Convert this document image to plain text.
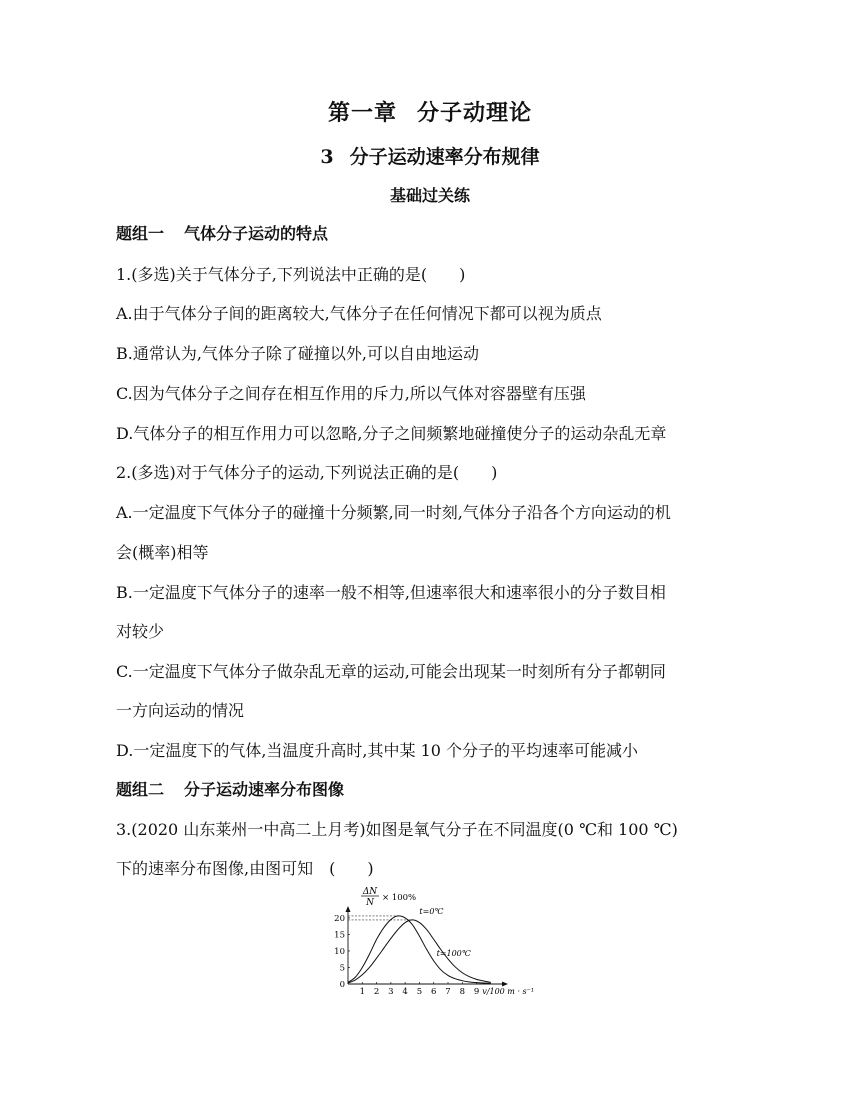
第一章 分子动理论
3 分子运动速率分布规律
基础过关练
题组一 气体分子运动的特点
1.(多选)关于气体分子,下列说法中正确的是(　　)
A.由于气体分子间的距离较大,气体分子在任何情况下都可以视为质点
B.通常认为,气体分子除了碰撞以外,可以自由地运动
C.因为气体分子之间存在相互作用的斥力,所以气体对容器壁有压强
D.气体分子的相互作用力可以忽略,分子之间频繁地碰撞使分子的运动杂乱无章
2.(多选)对于气体分子的运动,下列说法正确的是(　　)
A.一定温度下气体分子的碰撞十分频繁,同一时刻,气体分子沿各个方向运动的机
会(概率)相等
B.一定温度下气体分子的速率一般不相等,但速率很大和速率很小的分子数目相
对较少
C.一定温度下气体分子做杂乱无章的运动,可能会出现某一时刻所有分子都朝同
一方向运动的情况
D.一定温度下的气体,当温度升高时,其中某 10 个分子的平均速率可能减小
题组二 分子运动速率分布图像
3.(2020 山东莱州一中高二上月考)如图是氧气分子在不同温度(0 ℃和 100 ℃)
下的速率分布图像,由图可知　(　　)
ΔN
N × 100%
1 2 3 4 5 6 7 8 9
0
5
10
15
20
t=0℃
t=100℃
v/100 m · s⁻¹
